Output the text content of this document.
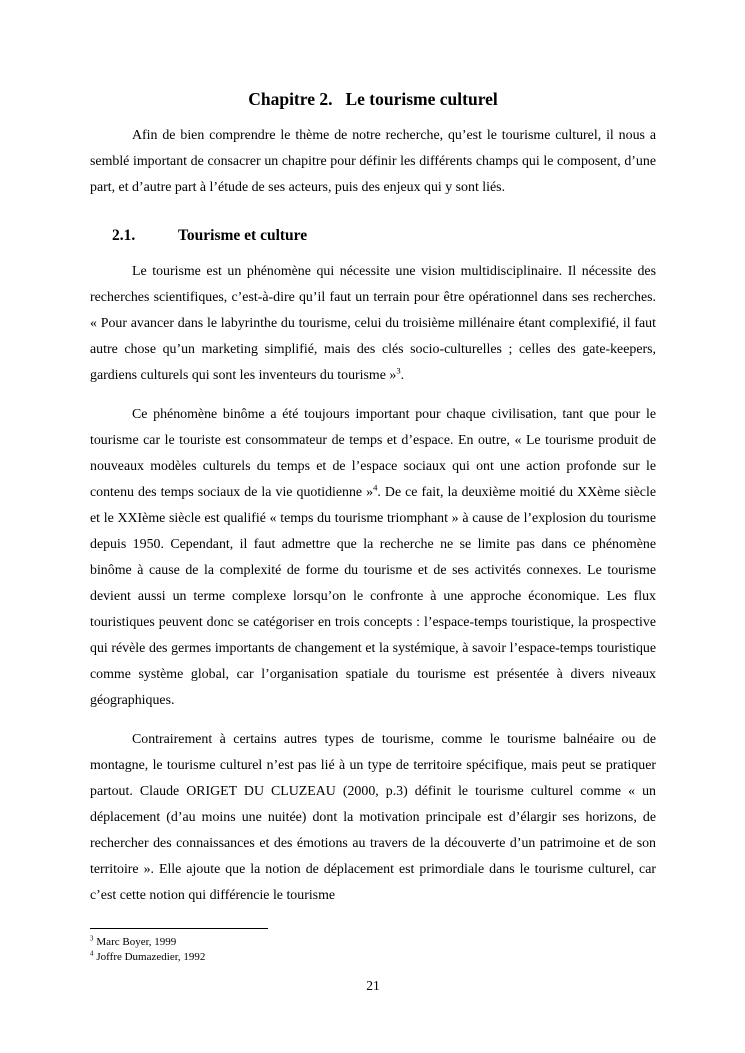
Chapitre 2. Le tourisme culturel

Afin de bien comprendre le thème de notre recherche, qu’est le tourisme culturel, il nous a semblé important de consacrer un chapitre pour définir les différents champs qui le composent, d’une part, et d’autre part à l’étude de ses acteurs, puis des enjeux qui y sont liés.

2.1.	Tourisme et culture

Le tourisme est un phénomène qui nécessite une vision multidisciplinaire. Il nécessite des recherches scientifiques, c’est-à-dire qu’il faut un terrain pour être opérationnel dans ses recherches. « Pour avancer dans le labyrinthe du tourisme, celui du troisième millénaire étant complexifié, il faut autre chose qu’un marketing simplifié, mais des clés socio-culturelles ; celles des gate-keepers, gardiens culturels qui sont les inventeurs du tourisme »$^3$.

Ce phénomène binôme a été toujours important pour chaque civilisation, tant que pour le tourisme car le touriste est consommateur de temps et d’espace. En outre, « Le tourisme produit de nouveaux modèles culturels du temps et de l’espace sociaux qui ont une action profonde sur le contenu des temps sociaux de la vie quotidienne »$^4$. De ce fait, la deuxième moitié du XXème siècle et le XXIème siècle est qualifié « temps du tourisme triomphant » à cause de l’explosion du tourisme depuis 1950. Cependant, il faut admettre que la recherche ne se limite pas dans ce phénomène binôme à cause de la complexité de forme du tourisme et de ses activités connexes. Le tourisme devient aussi un terme complexe lorsqu’on le confronte à une approche économique. Les flux touristiques peuvent donc se catégoriser en trois concepts : l’espace-temps touristique, la prospective qui révèle des germes importants de changement et la systémique, à savoir l’espace-temps touristique comme système global, car l’organisation spatiale du tourisme est présentée à divers niveaux géographiques.

Contrairement à certains autres types de tourisme, comme le tourisme balnéaire ou de montagne, le tourisme culturel n’est pas lié à un type de territoire spécifique, mais peut se pratiquer partout. Claude ORIGET DU CLUZEAU (2000, p.3) définit le tourisme culturel comme « un déplacement (d’au moins une nuitée) dont la motivation principale est d’élargir ses horizons, de rechercher des connaissances et des émotions au travers de la découverte d’un patrimoine et de son territoire ». Elle ajoute que la notion de déplacement est primordiale dans le tourisme culturel, car c’est cette notion qui différencie le tourisme

$^3$ Marc Boyer, 1999
$^4$ Joffre Dumazedier, 1992
21
